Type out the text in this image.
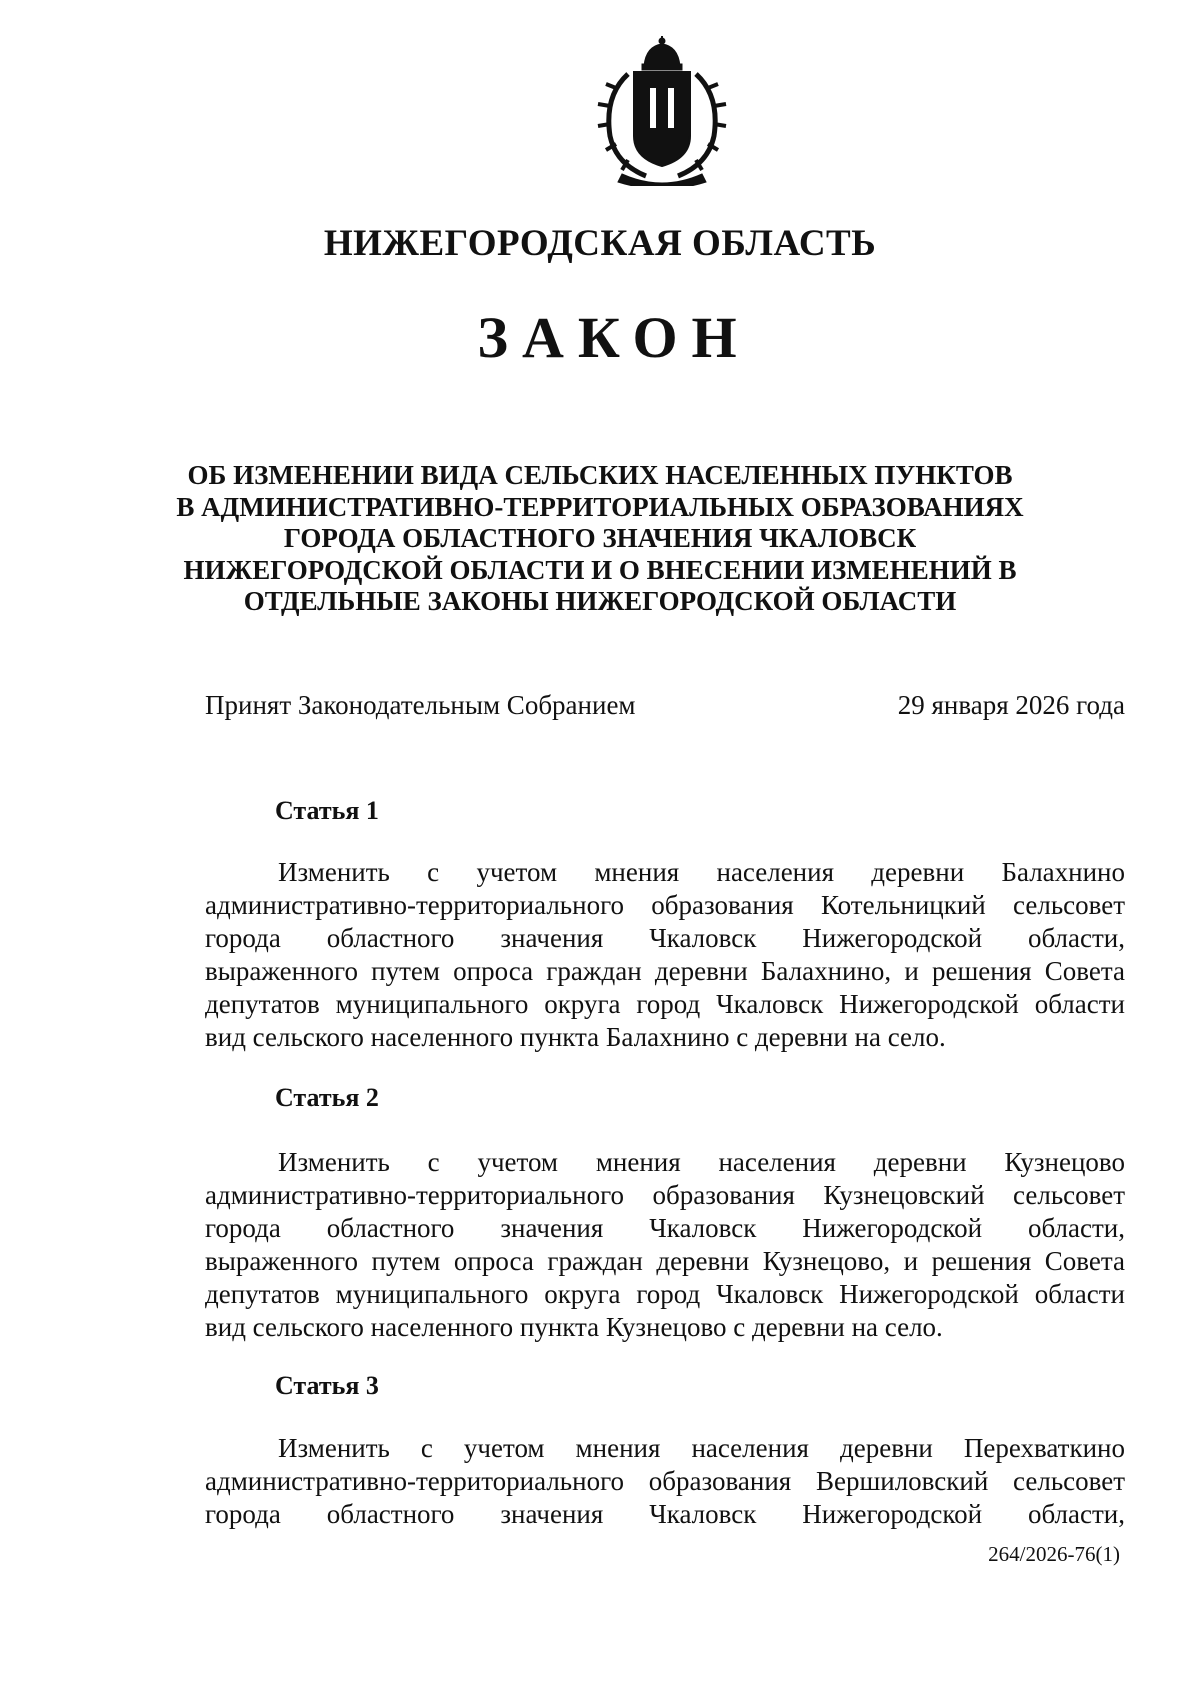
НИЖЕГОРОДСКАЯ ОБЛАСТЬ
ЗАКОН
ОБ ИЗМЕНЕНИИ ВИДА СЕЛЬСКИХ НАСЕЛЕННЫХ ПУНКТОВ
В АДМИНИСТРАТИВНО-ТЕРРИТОРИАЛЬНЫХ ОБРАЗОВАНИЯХ
ГОРОДА ОБЛАСТНОГО ЗНАЧЕНИЯ ЧКАЛОВСК
НИЖЕГОРОДСКОЙ ОБЛАСТИ И О ВНЕСЕНИИ ИЗМЕНЕНИЙ В
ОТДЕЛЬНЫЕ ЗАКОНЫ НИЖЕГОРОДСКОЙ ОБЛАСТИ
Принят Законодательным Собранием	29 января 2026 года
Статья 1
Изменить с учетом мнения населения деревни Балахнино
административно-территориального образования Котельницкий сельсовет
города областного значения Чкаловск Нижегородской области,
выраженного путем опроса граждан деревни Балахнино, и решения Совета
депутатов муниципального округа город Чкаловск Нижегородской области
вид сельского населенного пункта Балахнино с деревни на село.
Статья 2
Изменить с учетом мнения населения деревни Кузнецово
административно-территориального образования Кузнецовский сельсовет
города областного значения Чкаловск Нижегородской области,
выраженного путем опроса граждан деревни Кузнецово, и решения Совета
депутатов муниципального округа город Чкаловск Нижегородской области
вид сельского населенного пункта Кузнецово с деревни на село.
Статья 3
Изменить с учетом мнения населения деревни Перехваткино
административно-территориального образования Вершиловский сельсовет
города областного значения Чкаловск Нижегородской области,
264/2026-76(1)
